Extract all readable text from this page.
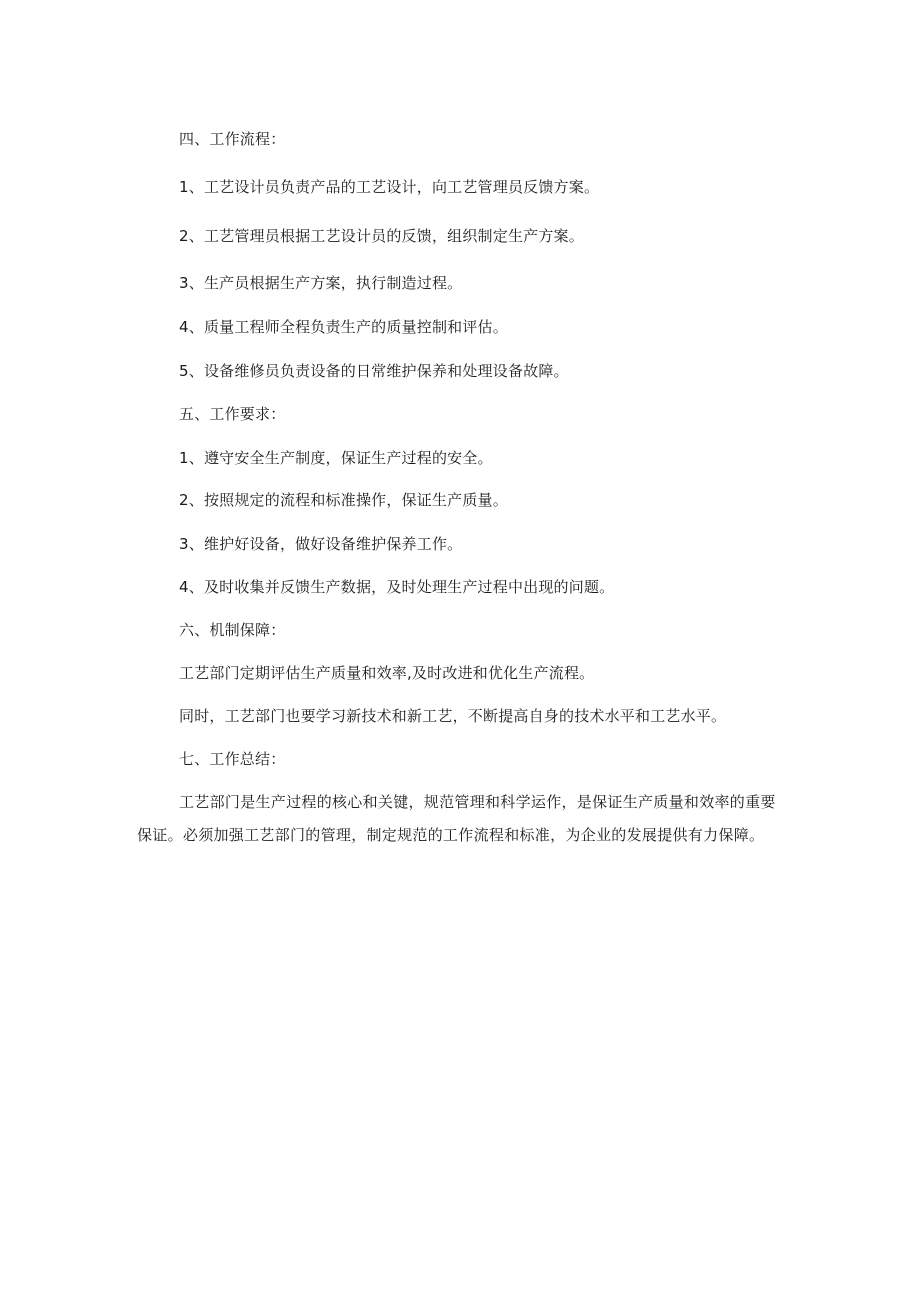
四、工作流程：

1、工艺设计员负责产品的工艺设计，向工艺管理员反馈方案。

2、工艺管理员根据工艺设计员的反馈，组织制定生产方案。

3、生产员根据生产方案，执行制造过程。

4、质量工程师全程负责生产的质量控制和评估。

5、设备维修员负责设备的日常维护保养和处理设备故障。

五、工作要求：

1、遵守安全生产制度，保证生产过程的安全。

2、按照规定的流程和标准操作，保证生产质量。

3、维护好设备，做好设备维护保养工作。

4、及时收集并反馈生产数据，及时处理生产过程中出现的问题。

六、机制保障：

工艺部门定期评估生产质量和效率,及时改进和优化生产流程。

同时，工艺部门也要学习新技术和新工艺，不断提高自身的技术水平和工艺水平。

七、工作总结：

工艺部门是生产过程的核心和关键，规范管理和科学运作，是保证生产质量和效率的重要保证。必须加强工艺部门的管理，制定规范的工作流程和标准，为企业的发展提供有力保障。
